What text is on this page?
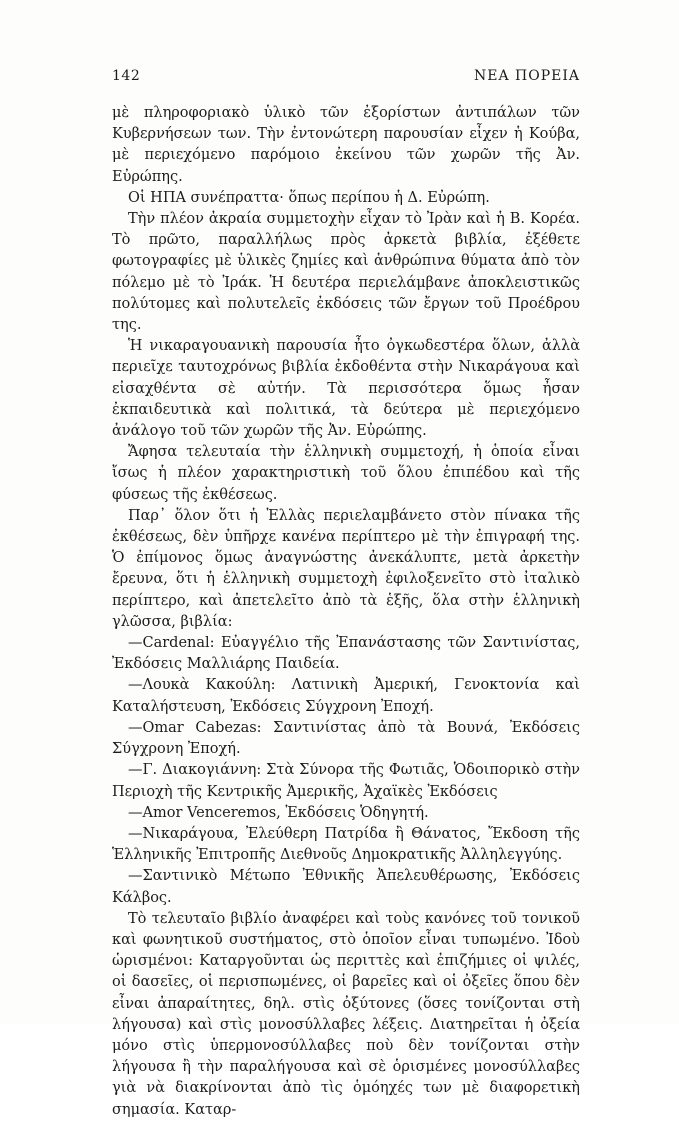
142	ΝΕΑ ΠΟΡΕΙΑ

μὲ πληροφοριακὸ ὑλικὸ τῶν ἐξορίστων ἀντιπάλων τῶν Κυβερνήσεων των. Τὴν ἐντονώτερη παρουσίαν εἶχεν ἡ Κούβα, μὲ περιεχόμενο παρόμοιο ἐκείνου τῶν χωρῶν τῆς Ἀν. Εὐρώπης.

Οἱ ΗΠΑ συνέπραττα· ὅπως περίπου ἡ Δ. Εὐρώπη.

Τὴν πλέον ἀκραία συμμετοχὴν εἶχαν τὸ Ἰρὰν καὶ ἡ Β. Κορέα. Τὸ πρῶτο, παραλλήλως πρὸς ἀρκετὰ βιβλία, ἐξέθετε φωτογραφίες μὲ ὑλικὲς ζημίες καὶ ἀνθρώπινα θύματα ἀπὸ τὸν πόλεμο μὲ τὸ Ἰράκ. Ἡ δευτέρα περιελάμβανε ἀποκλειστικῶς πολύτομες καὶ πολυτελεῖς ἐκδόσεις τῶν ἔργων τοῦ Προέδρου της.

Ἡ νικαραγουανικὴ παρουσία ἦτο ὀγκωδεστέρα ὅλων, ἀλλὰ περιεῖχε ταυτοχρόνως βιβλία ἐκδοθέντα στὴν Νικαράγουα καὶ εἰσαχθέντα σὲ αὐτήν. Τὰ περισσότερα ὅμως ἦσαν ἐκπαιδευτικὰ καὶ πολιτικά, τὰ δεύτερα μὲ περιεχόμενο ἀνάλογο τοῦ τῶν χωρῶν τῆς Ἀν. Εὐρώπης.

Ἄφησα τελευταία τὴν ἑλληνικὴ συμμετοχή, ἡ ὁποία εἶναι ἴσως ἡ πλέον χαρακτηριστικὴ τοῦ ὅλου ἐπιπέδου καὶ τῆς φύσεως τῆς ἐκθέσεως.

Παρ᾽ ὅλον ὅτι ἡ Ἑλλὰς περιελαμβάνετο στὸν πίνακα τῆς ἐκθέσεως, δὲν ὑπῆρχε κανένα περίπτερο μὲ τὴν ἐπιγραφή της. Ὁ ἐπίμονος ὅμως ἀναγνώστης ἀνεκάλυπτε, μετὰ ἀρκετὴν ἔρευνα, ὅτι ἡ ἑλληνικὴ συμμετοχὴ ἐφιλοξενεῖτο στὸ ἰταλικὸ περίπτερο, καὶ ἀπετελεῖτο ἀπὸ τὰ ἑξῆς, ὅλα στὴν ἑλληνικὴ γλῶσσα, βιβλία:

—Cardenal: Εὐαγγέλιο τῆς Ἐπανάστασης τῶν Σαντινίστας, Ἐκδόσεις Μαλλιάρης Παιδεία.

—Λουκὰ Κακούλη: Λατινικὴ Ἀμερική, Γενοκτονία καὶ Καταλήστευση, Ἐκδόσεις Σύγχρονη Ἐποχή.

—Omar Cabezas: Σαντινίστας ἀπὸ τὰ Βουνά, Ἐκδόσεις Σύγχρονη Ἐποχή.

—Γ. Διακογιάννη: Στὰ Σύνορα τῆς Φωτιᾶς, Ὁδοιπορικὸ στὴν Περιοχὴ τῆς Κεντρικῆς Ἀμερικῆς, Ἀχαϊκὲς Ἐκδόσεις

—Amor Venceremos, Ἐκδόσεις Ὁδηγητή.

—Νικαράγουα, Ἐλεύθερη Πατρίδα ἢ Θάνατος, Ἔκδοση τῆς Ἑλληνικῆς Ἐπιτροπῆς Διεθνοῦς Δημοκρατικῆς Ἀλληλεγγύης.

—Σαντινικὸ Μέτωπο Ἐθνικῆς Ἀπελευθέρωσης, Ἐκδόσεις Κάλβος.

Τὸ τελευταῖο βιβλίο ἀναφέρει καὶ τοὺς κανόνες τοῦ τονικοῦ καὶ φωνητικοῦ συστήματος, στὸ ὁποῖον εἶναι τυπωμένο. Ἰδοὺ ὡρισμένοι: Καταργοῦνται ὡς περιττὲς καὶ ἐπιζήμιες οἱ ψιλές, οἱ δασεῖες, οἱ περισπωμένες, οἱ βαρεῖες καὶ οἱ ὀξεῖες ὅπου δὲν εἶναι ἀπαραίτητες, δηλ. στὶς ὀξύτονες (ὅσες τονίζονται στὴ λήγουσα) καὶ στὶς μονοσύλλαβες λέξεις. Διατηρεῖται ἡ ὀξεία μόνο στὶς ὑπερμονοσύλλαβες ποὺ δὲν τονίζονται στὴν λήγουσα ἢ τὴν παραλήγουσα καὶ σὲ ὁρισμένες μονοσύλλαβες γιὰ νὰ διακρίνονται ἀπὸ τὶς ὁμόηχές των μὲ διαφορετικὴ σημασία. Καταρ-
